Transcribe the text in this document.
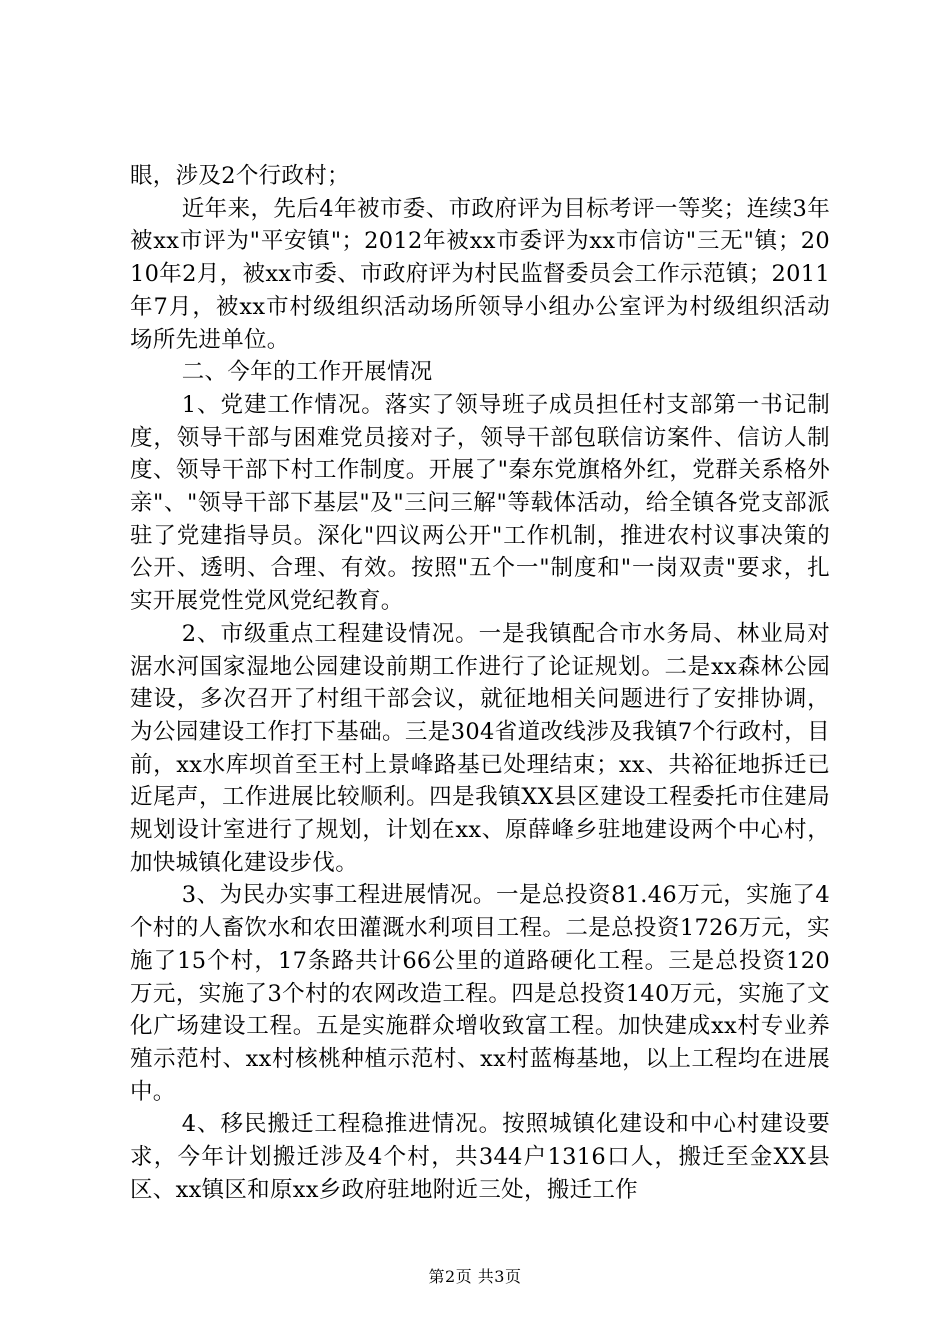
眼，涉及2个行政村；

近年来，先后4年被市委、市政府评为目标考评一等奖；连续3年被xx市评为"平安镇"；2012年被xx市委评为xx市信访"三无"镇；2010年2月，被xx市委、市政府评为村民监督委员会工作示范镇；2011年7月，被xx市村级组织活动场所领导小组办公室评为村级组织活动场所先进单位。

二、今年的工作开展情况

1、党建工作情况。落实了领导班子成员担任村支部第一书记制度，领导干部与困难党员接对子，领导干部包联信访案件、信访人制度、领导干部下村工作制度。开展了"秦东党旗格外红，党群关系格外亲"、"领导干部下基层"及"三问三解"等载体活动，给全镇各党支部派驻了党建指导员。深化"四议两公开"工作机制，推进农村议事决策的公开、透明、合理、有效。按照"五个一"制度和"一岗双责"要求，扎实开展党性党风党纪教育。

2、市级重点工程建设情况。一是我镇配合市水务局、林业局对涺水河国家湿地公园建设前期工作进行了论证规划。二是xx森林公园建设，多次召开了村组干部会议，就征地相关问题进行了安排协调，为公园建设工作打下基础。三是304省道改线涉及我镇7个行政村，目前，xx水库坝首至王村上景峰路基已处理结束；xx、共裕征地拆迁已近尾声，工作进展比较顺利。四是我镇XX县区建设工程委托市住建局规划设计室进行了规划，计划在xx、原薛峰乡驻地建设两个中心村，加快城镇化建设步伐。

3、为民办实事工程进展情况。一是总投资81.46万元，实施了4个村的人畜饮水和农田灌溉水利项目工程。二是总投资1726万元，实施了15个村，17条路共计66公里的道路硬化工程。三是总投资120万元，实施了3个村的农网改造工程。四是总投资140万元，实施了文化广场建设工程。五是实施群众增收致富工程。加快建成xx村专业养殖示范村、xx村核桃种植示范村、xx村蓝梅基地，以上工程均在进展中。

4、移民搬迁工程稳推进情况。按照城镇化建设和中心村建设要求，今年计划搬迁涉及4个村，共344户1316口人，搬迁至金XX县区、xx镇区和原xx乡政府驻地附近三处，搬迁工作

第2页 共3页
